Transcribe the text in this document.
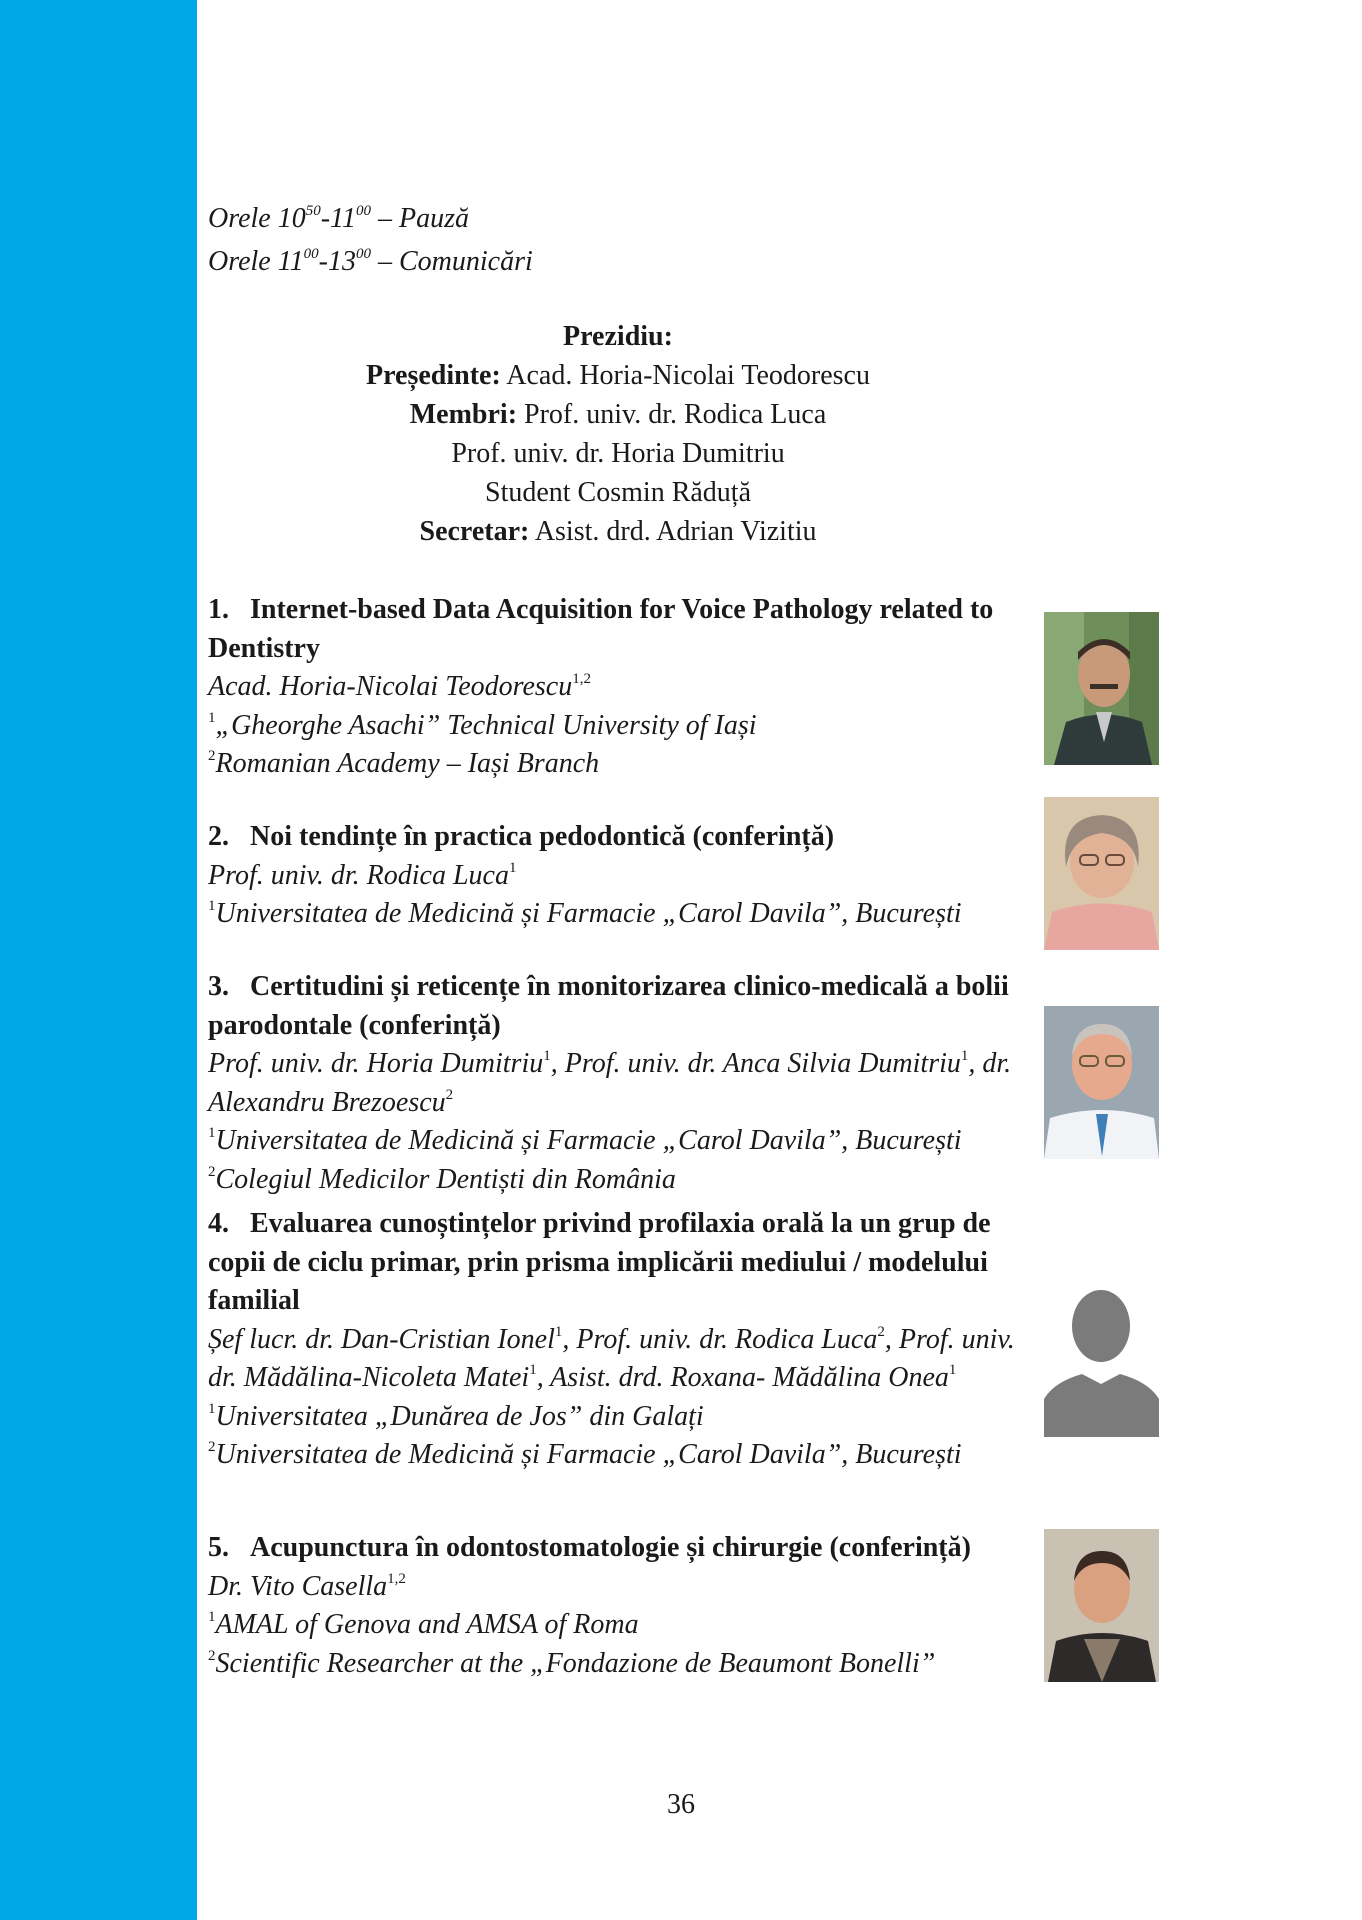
Orele $10^{50}-11^{00}$ – Pauză
Orele $11^{00}-13^{00}$ – Comunicări
Prezidiu:
Președinte: Acad. Horia-Nicolai Teodorescu
Membri: Prof. univ. dr. Rodica Luca
Prof. univ. dr. Horia Dumitriu
Student Cosmin Răduță
Secretar: Asist. drd. Adrian Vizitiu
1. Internet-based Data Acquisition for Voice Pathology related to Dentistry
Acad. Horia-Nicolai Teodorescu$^{1,2}$
$^1$„Gheorghe Asachi” Technical University of Iași
$^2$Romanian Academy – Iași Branch
2. Noi tendințe în practica pedodontică (conferință)
Prof. univ. dr. Rodica Luca$^1$
$^1$Universitatea de Medicină și Farmacie „Carol Davila”, București
3. Certitudini și reticențe în monitorizarea clinico-medicală a bolii parodontale (conferință)
Prof. univ. dr. Horia Dumitriu$^1$, Prof. univ. dr. Anca Silvia Dumitriu$^1$, dr. Alexandru Brezoescu$^2$
$^1$Universitatea de Medicină și Farmacie „Carol Davila”, București
$^2$Colegiul Medicilor Dentiști din România
4. Evaluarea cunoștințelor privind profilaxia orală la un grup de copii de ciclu primar, prin prisma implicării mediului / modelului familial
Șef lucr. dr. Dan-Cristian Ionel$^1$, Prof. univ. dr. Rodica Luca$^2$, Prof. univ. dr. Mădălina-Nicoleta Matei$^1$, Asist. drd. Roxana- Mădălina Onea$^1$
$^1$Universitatea „Dunărea de Jos” din Galați
$^2$Universitatea de Medicină și Farmacie „Carol Davila”, București
5. Acupunctura în odontostomatologie și chirurgie (conferință)
Dr. Vito Casella$^{1,2}$
$^1$AMAL of Genova and AMSA of Roma
$^2$Scientific Researcher at the „Fondazione de Beaumont Bonelli”
36
